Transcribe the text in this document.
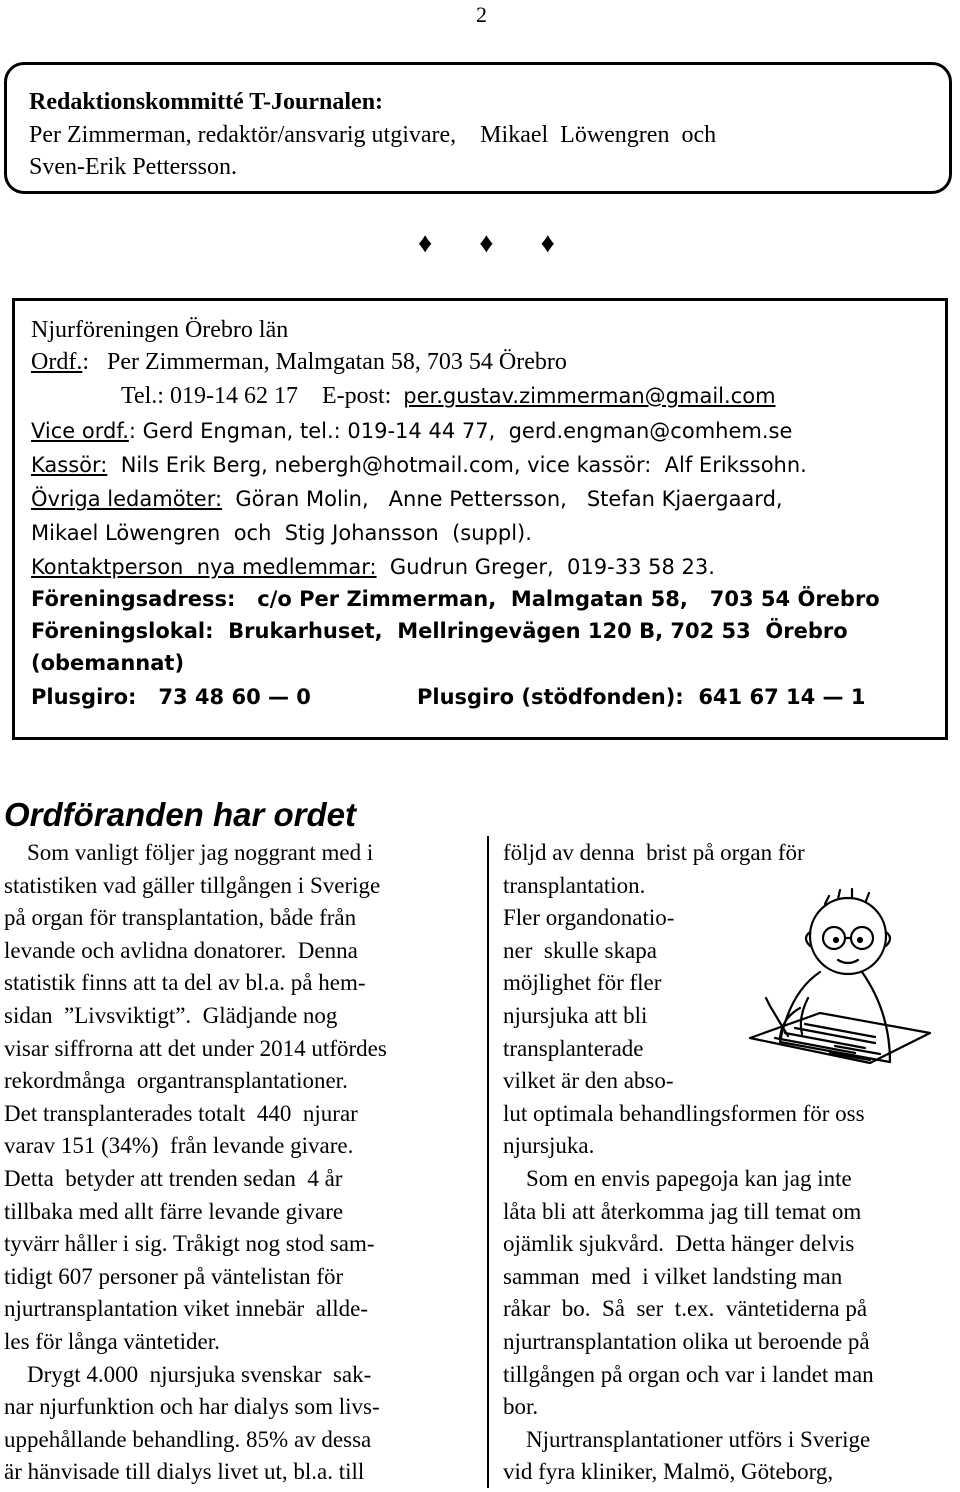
2
Redaktionskommitté T-Journalen:
Per Zimmerman, redaktör/ansvarig utgivare,    Mikael  Löwengren  och
Sven-Erik Pettersson.
♦ ♦ ♦
Njurföreningen Örebro län
Ordf.:   Per Zimmerman, Malmgatan 58, 703 54 Örebro
Tel.: 019-14 62 17    E-post:  per.gustav.zimmerman@gmail.com
Vice ordf.: Gerd Engman, tel.: 019-14 44 77,  gerd.engman@comhem.se
Kassör:  Nils Erik Berg, nebergh@hotmail.com, vice kassör:  Alf Erikssohn.
Övriga ledamöter:  Göran Molin,   Anne Pettersson,   Stefan Kjaergaard,
Mikael Löwengren  och  Stig Johansson  (suppl).
Kontaktperson  nya medlemmar:  Gudrun Greger,  019-33 58 23.
Föreningsadress:   c/o Per Zimmerman,  Malmgatan 58,   703 54 Örebro
Föreningslokal:  Brukarhuset,  Mellringevägen 120 B, 702 53  Örebro
(obemannat)
Plusgiro:   73 48 60 — 0	Plusgiro (stödfonden):  641 67 14 — 1
Ordföranden har ordet
Som vanligt följer jag noggrant med i
statistiken vad gäller tillgången i Sverige
på organ för transplantation, både från
levande och avlidna donatorer.  Denna
statistik finns att ta del av bl.a. på hem-
sidan  ”Livsviktigt”.  Glädjande nog
visar siffrorna att det under 2014 utfördes
rekordmånga  organtransplantationer.
Det transplanterades totalt  440  njurar
varav 151 (34%)  från levande givare.
Detta  betyder att trenden sedan  4 år
tillbaka med allt färre levande givare
tyvärr håller i sig. Tråkigt nog stod sam-
tidigt 607 personer på väntelistan för
njurtransplantation viket innebär  allde-
les för långa väntetider.
Drygt 4.000  njursjuka svenskar  sak-
nar njurfunktion och har dialys som livs-
uppehållande behandling. 85% av dessa
är hänvisade till dialys livet ut, bl.a. till
följd av denna  brist på organ för
transplantation.
Fler organdonatio-
ner  skulle skapa
möjlighet för fler
njursjuka att bli
transplanterade
vilket är den abso-
lut optimala behandlingsformen för oss
njursjuka.
Som en envis papegoja kan jag inte
låta bli att återkomma jag till temat om
ojämlik sjukvård.  Detta hänger delvis
samman  med  i vilket landsting man
råkar  bo.  Så  ser  t.ex.  väntetiderna på
njurtransplantation olika ut beroende på
tillgången på organ och var i landet man
bor.
Njurtransplantationer utförs i Sverige
vid fyra kliniker, Malmö, Göteborg,
